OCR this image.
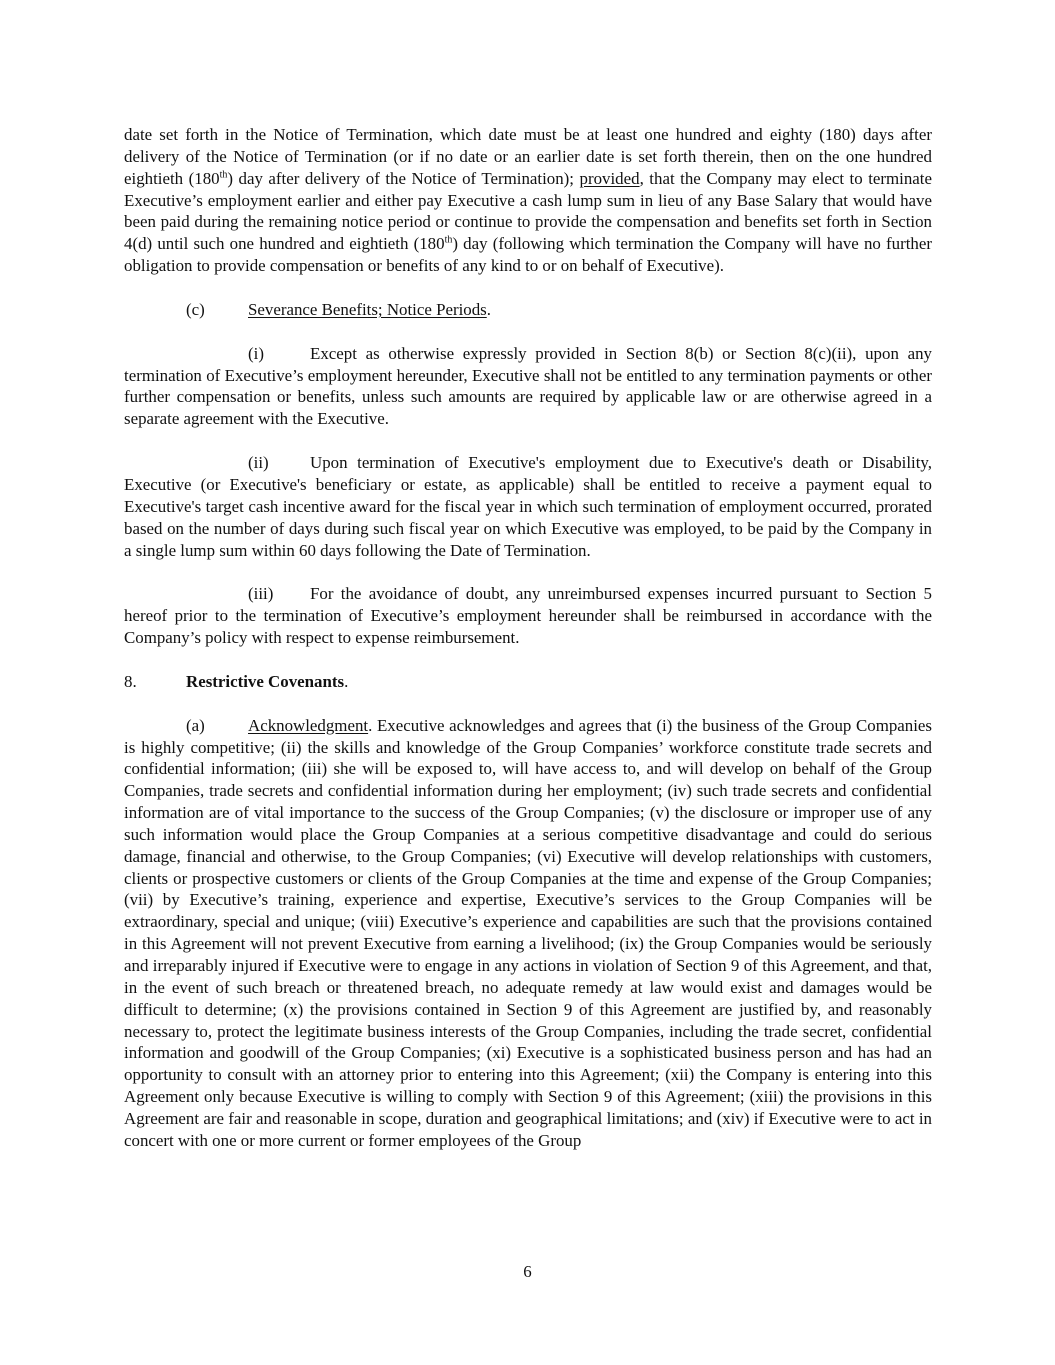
date set forth in the Notice of Termination, which date must be at least one hundred and eighty (180) days after delivery of the Notice of Termination (or if no date or an earlier date is set forth therein, then on the one hundred eightieth (180th) day after delivery of the Notice of Termination); provided, that the Company may elect to terminate Executive’s employment earlier and either pay Executive a cash lump sum in lieu of any Base Salary that would have been paid during the remaining notice period or continue to provide the compensation and benefits set forth in Section 4(d) until such one hundred and eightieth (180th) day (following which termination the Company will have no further obligation to provide compensation or benefits of any kind to or on behalf of Executive).

(c)	Severance Benefits; Notice Periods.

(i)	Except as otherwise expressly provided in Section 8(b) or Section 8(c)(ii), upon any termination of Executive’s employment hereunder, Executive shall not be entitled to any termination payments or other further compensation or benefits, unless such amounts are required by applicable law or are otherwise agreed in a separate agreement with the Executive.

(ii) Upon termination of Executive's employment due to Executive's death or Disability, Executive (or Executive's beneficiary or estate, as applicable) shall be entitled to receive a payment equal to Executive's target cash incentive award for the fiscal year in which such termination of employment occurred, prorated based on the number of days during such fiscal year on which Executive was employed, to be paid by the Company in a single lump sum within 60 days following the Date of Termination.

(iii) For the avoidance of doubt, any unreimbursed expenses incurred pursuant to Section 5 hereof prior to the termination of Executive’s employment hereunder shall be reimbursed in accordance with the Company’s policy with respect to expense reimbursement.

8.	Restrictive Covenants.

(a)	Acknowledgment. Executive acknowledges and agrees that (i) the business of the Group Companies is highly competitive; (ii) the skills and knowledge of the Group Companies’ workforce constitute trade secrets and confidential information; (iii) she will be exposed to, will have access to, and will develop on behalf of the Group Companies, trade secrets and confidential information during her employment; (iv) such trade secrets and confidential information are of vital importance to the success of the Group Companies; (v) the disclosure or improper use of any such information would place the Group Companies at a serious competitive disadvantage and could do serious damage, financial and otherwise, to the Group Companies; (vi) Executive will develop relationships with customers, clients or prospective customers or clients of the Group Companies at the time and expense of the Group Companies; (vii) by Executive’s training, experience and expertise, Executive’s services to the Group Companies will be extraordinary, special and unique; (viii) Executive’s experience and capabilities are such that the provisions contained in this Agreement will not prevent Executive from earning a livelihood; (ix) the Group Companies would be seriously and irreparably injured if Executive were to engage in any actions in violation of Section 9 of this Agreement, and that, in the event of such breach or threatened breach, no adequate remedy at law would exist and damages would be difficult to determine; (x) the provisions contained in Section 9 of this Agreement are justified by, and reasonably necessary to, protect the legitimate business interests of the Group Companies, including the trade secret, confidential information and goodwill of the Group Companies; (xi) Executive is a sophisticated business person and has had an opportunity to consult with an attorney prior to entering into this Agreement; (xii) the Company is entering into this Agreement only because Executive is willing to comply with Section 9 of this Agreement; (xiii) the provisions in this Agreement are fair and reasonable in scope, duration and geographical limitations; and (xiv) if Executive were to act in concert with one or more current or former employees of the Group

6
